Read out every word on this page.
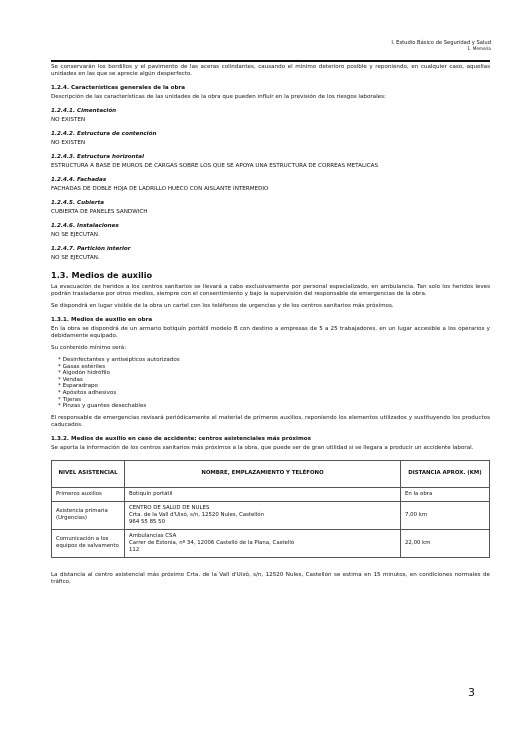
I. Estudio Básico de Seguridad y Salud
1. Memoria

Se conservarán los bordillos y el pavimento de las aceras colindantes, causando el mínimo deterioro posible y reponiendo, en cualquier caso, aquellas unidades en las que se aprecie algún desperfecto.

1.2.4. Características generales de la obra

Descripción de las características de las unidades de la obra que pueden influir en la previsión de los riesgos laborales:

1.2.4.1. Cimentación
NO EXISTEN
1.2.4.2. Estructura de contención
NO EXISTEN
1.2.4.3. Estructura horizontal
ESTRUCTURA A BASE DE MUROS DE CARGAS SOBRE LOS QUE SE APOYA UNA ESTRUCTURA DE CORREAS METALICAS
1.2.4.4. Fachadas
FACHADAS DE DOBLE HOJA DE LADRILLO HUECO CON AISLANTE INTERMEDIO
1.2.4.5. Cubierta
CUBIERTA DE PANELES SANDWICH
1.2.4.6. Instalaciones
NO SE EJECUTAN.
1.2.4.7. Partición interior
NO SE EJECUTAN.
1.3. Medios de auxilio

La evacuación de heridos a los centros sanitarios se llevará a cabo exclusivamente por personal especializado, en ambulancia. Tan solo los heridos leves podrán trasladarse por otros medios, siempre con el consentimiento y bajo la supervisión del responsable de emergencias de la obra.

Se dispondrá en lugar visible de la obra un cartel con los teléfonos de urgencias y de los centros sanitarios más próximos.

1.3.1. Medios de auxilio en obra

En la obra se dispondrá de un armario botiquín portátil modelo B con destino a empresas de 5 a 25 trabajadores, en un lugar accesible a los operarios y debidamente equipado.

Su contenido mínimo será:

* Desinfectantes y antisépticos autorizados
* Gasas estériles
* Algodón hidrófilo
* Vendas
* Esparadrapo
* Apósitos adhesivos
* Tijeras
* Pinzas y guantes desechables

El responsable de emergencias revisará periódicamente el material de primeros auxilios, reponiendo los elementos utilizados y sustituyendo los productos caducados.

1.3.2. Medios de auxilio en caso de accidente: centros asistenciales más próximos

Se aporta la información de los centros sanitarios más próximos a la obra, que puede ser de gran utilidad si se llegara a producir un accidente laboral.

NIVEL ASISTENCIAL	NOMBRE, EMPLAZAMIENTO Y TELÉFONO	DISTANCIA APROX. (KM)
Primeros auxilios	Botiquín portátil	En la obra
Asistencia primaria (Urgencias)	CENTRO DE SALUD DE NULES
Crta. de la Vall d'Uixó, s/n, 12520 Nules, Castellón
964 55 85 50	7,00 km
Comunicación a los equipos de salvamento	Ambulancias CSA
Carrer de Estonia, nº 34, 12006 Castelló de la Plana, Castelló
112	22,00 km

La distancia al centro asistencial más próximo Crta. de la Vall d'Uixó, s/n, 12520 Nules, Castellón se estima en 15 minutos, en condiciones normales de tráfico.

3
